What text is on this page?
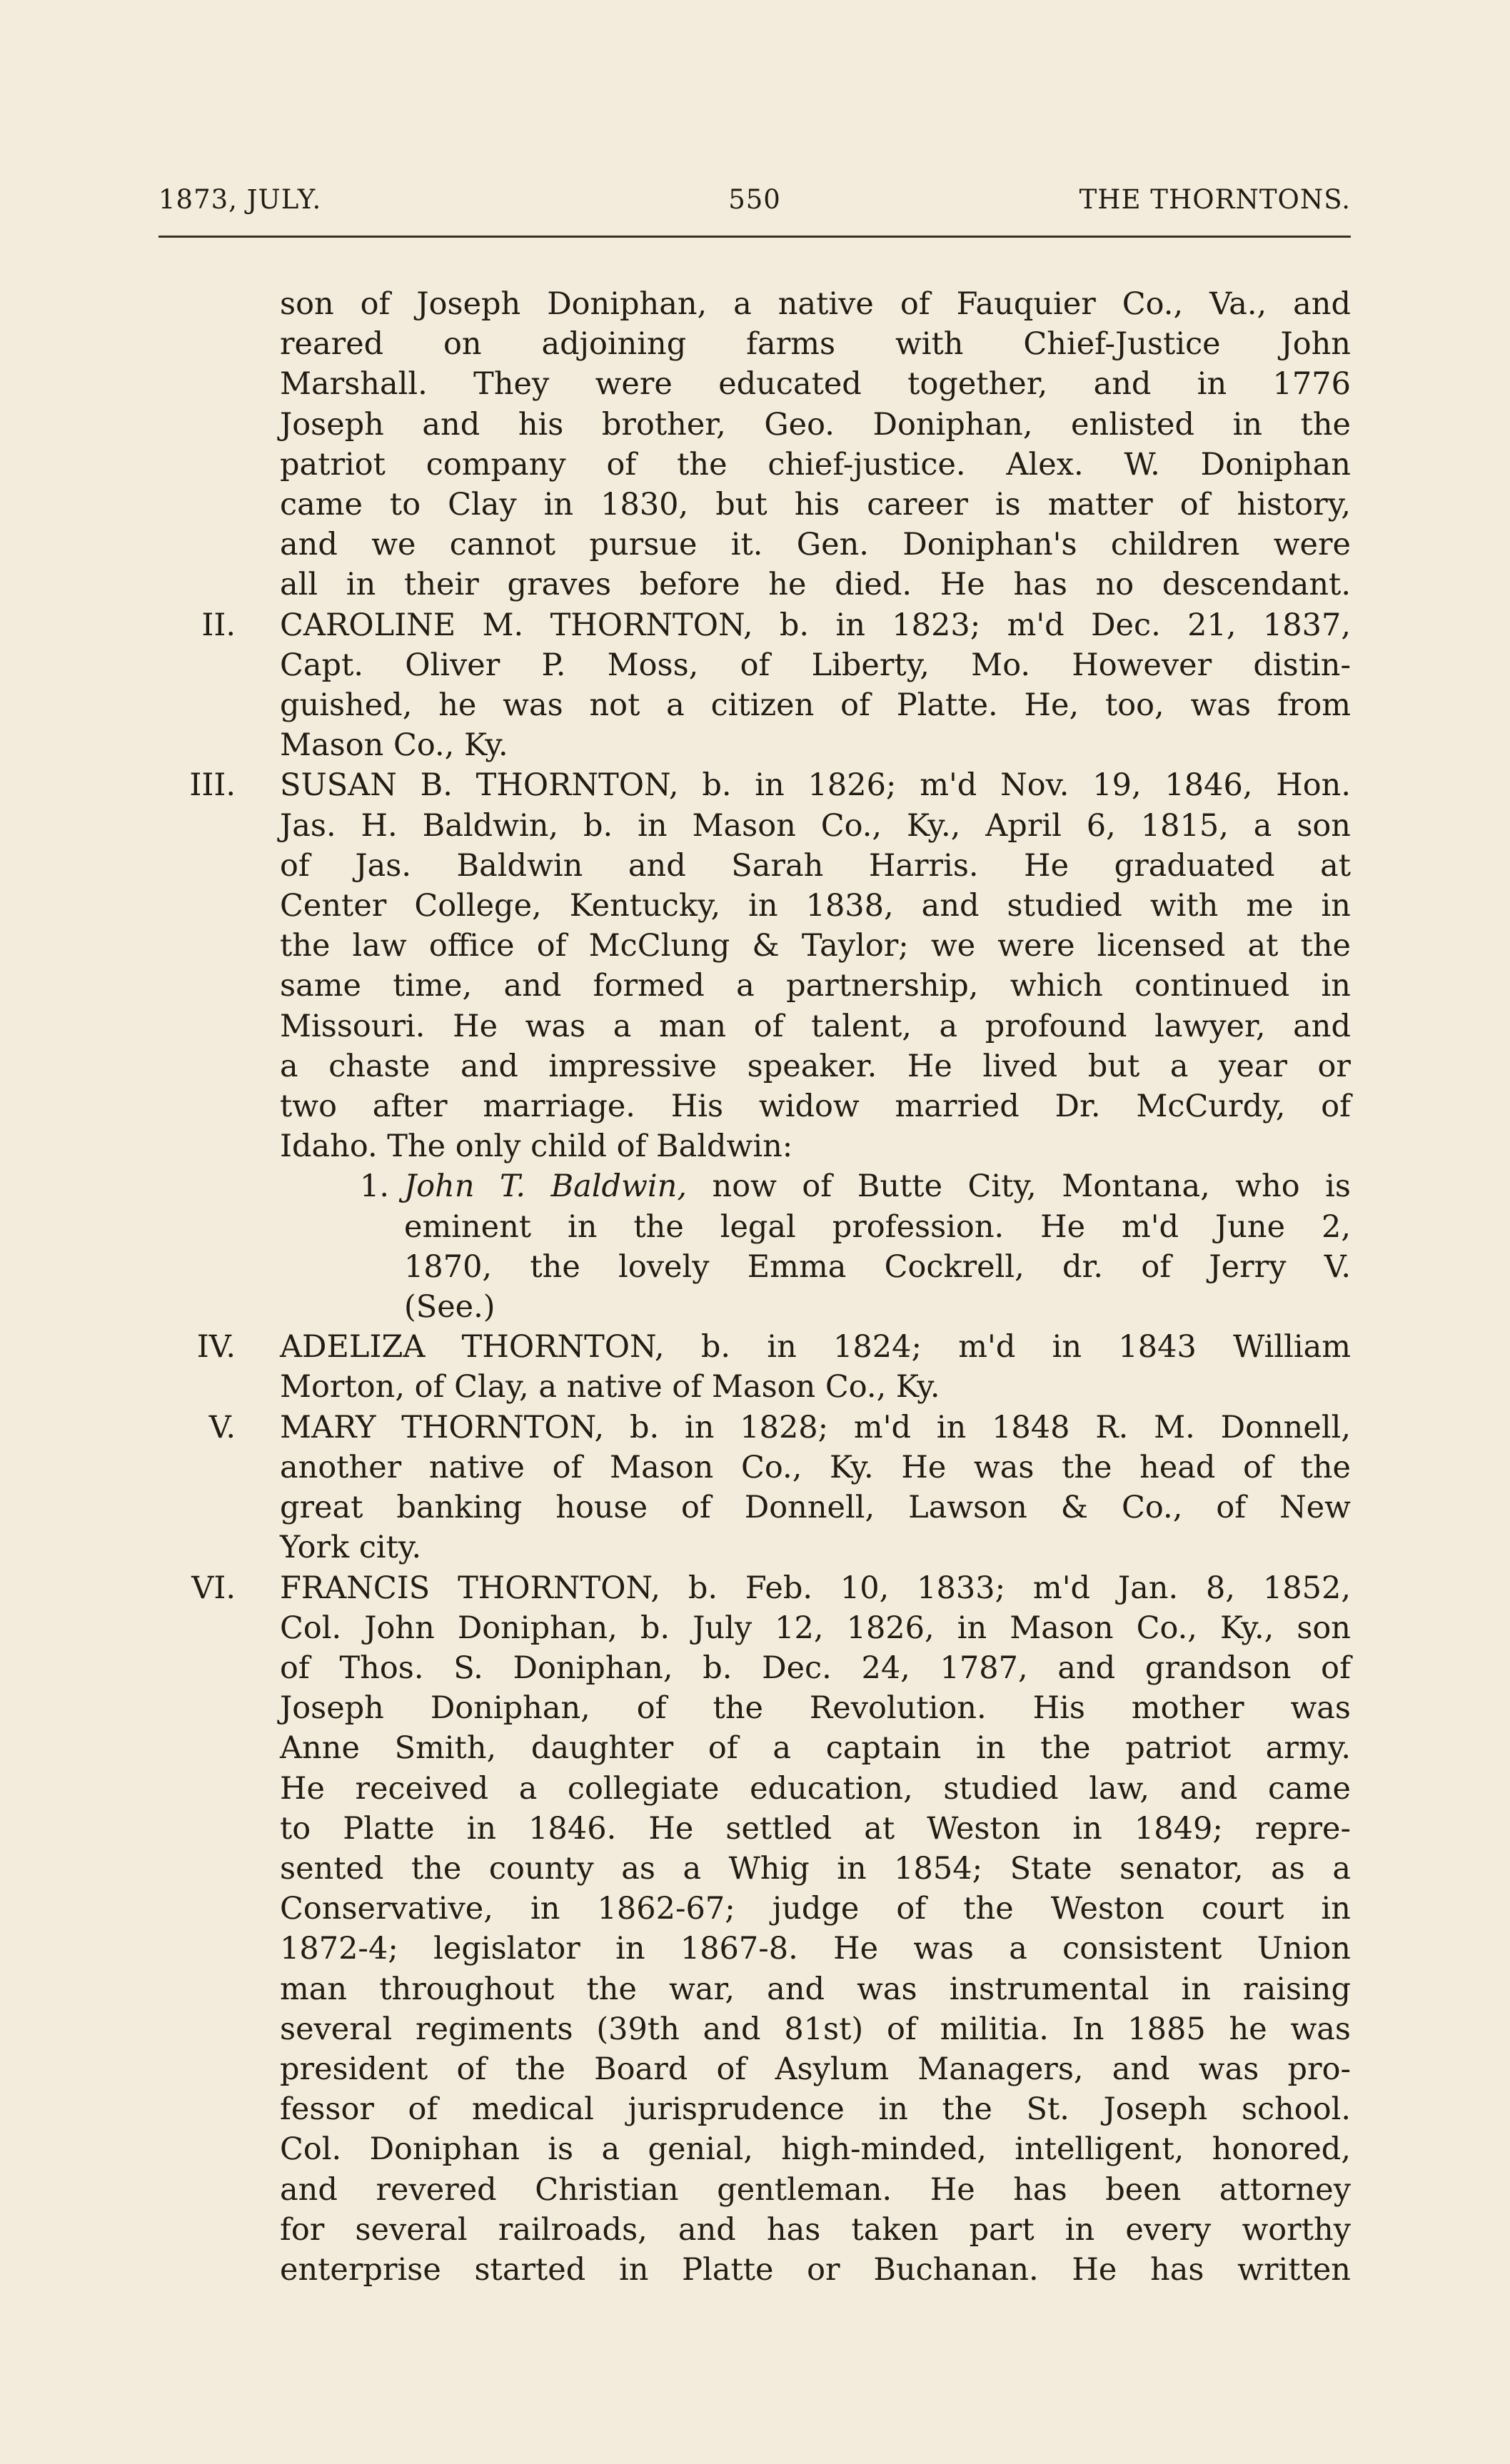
1873, JULY.	550	THE THORNTONS.
son of Joseph Doniphan, a native of Fauquier Co., Va., and
reared on adjoining farms with Chief-Justice John
Marshall. They were educated together, and in 1776
Joseph and his brother, Geo. Doniphan, enlisted in the
patriot company of the chief-justice. Alex. W. Doniphan
came to Clay in 1830, but his career is matter of history,
and we cannot pursue it. Gen. Doniphan's children were
all in their graves before he died. He has no descendant.
II. CAROLINE M. THORNTON, b. in 1823; m'd Dec. 21, 1837,
Capt. Oliver P. Moss, of Liberty, Mo. However distin-
guished, he was not a citizen of Platte. He, too, was from
Mason Co., Ky.
III. SUSAN B. THORNTON, b. in 1826; m'd Nov. 19, 1846, Hon.
Jas. H. Baldwin, b. in Mason Co., Ky., April 6, 1815, a son
of Jas. Baldwin and Sarah Harris. He graduated at
Center College, Kentucky, in 1838, and studied with me in
the law office of McClung & Taylor; we were licensed at the
same time, and formed a partnership, which continued in
Missouri. He was a man of talent, a profound lawyer, and
a chaste and impressive speaker. He lived but a year or
two after marriage. His widow married Dr. McCurdy, of
Idaho. The only child of Baldwin:
1. John T. Baldwin, now of Butte City, Montana, who is
eminent in the legal profession. He m'd June 2,
1870, the lovely Emma Cockrell, dr. of Jerry V.
(See.)
IV. ADELIZA THORNTON, b. in 1824; m'd in 1843 William
Morton, of Clay, a native of Mason Co., Ky.
V. MARY THORNTON, b. in 1828; m'd in 1848 R. M. Donnell,
another native of Mason Co., Ky. He was the head of the
great banking house of Donnell, Lawson & Co., of New
York city.
VI. FRANCIS THORNTON, b. Feb. 10, 1833; m'd Jan. 8, 1852,
Col. John Doniphan, b. July 12, 1826, in Mason Co., Ky., son
of Thos. S. Doniphan, b. Dec. 24, 1787, and grandson of
Joseph Doniphan, of the Revolution. His mother was
Anne Smith, daughter of a captain in the patriot army.
He received a collegiate education, studied law, and came
to Platte in 1846. He settled at Weston in 1849; repre-
sented the county as a Whig in 1854; State senator, as a
Conservative, in 1862-67; judge of the Weston court in
1872-4; legislator in 1867-8. He was a consistent Union
man throughout the war, and was instrumental in raising
several regiments (39th and 81st) of militia. In 1885 he was
president of the Board of Asylum Managers, and was pro-
fessor of medical jurisprudence in the St. Joseph school.
Col. Doniphan is a genial, high-minded, intelligent, honored,
and revered Christian gentleman. He has been attorney
for several railroads, and has taken part in every worthy
enterprise started in Platte or Buchanan. He has written
